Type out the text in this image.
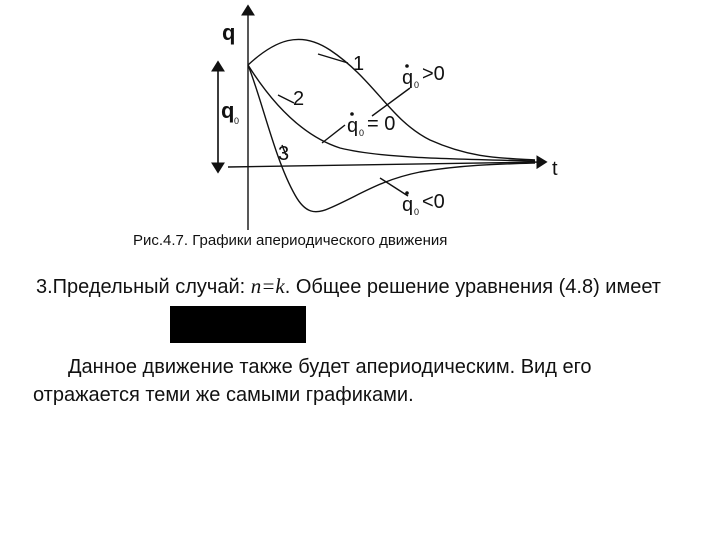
q
t
q 0
1
2
3
q 0 >0
q 0 = 0
q 0 <0
Рис.4.7. Графики апериодического движения
3.Предельный случай: n=k. Общее решение уравнения (4.8) имеет
Данное движение также будет апериодическим. Вид его отражается теми же самыми графиками.
